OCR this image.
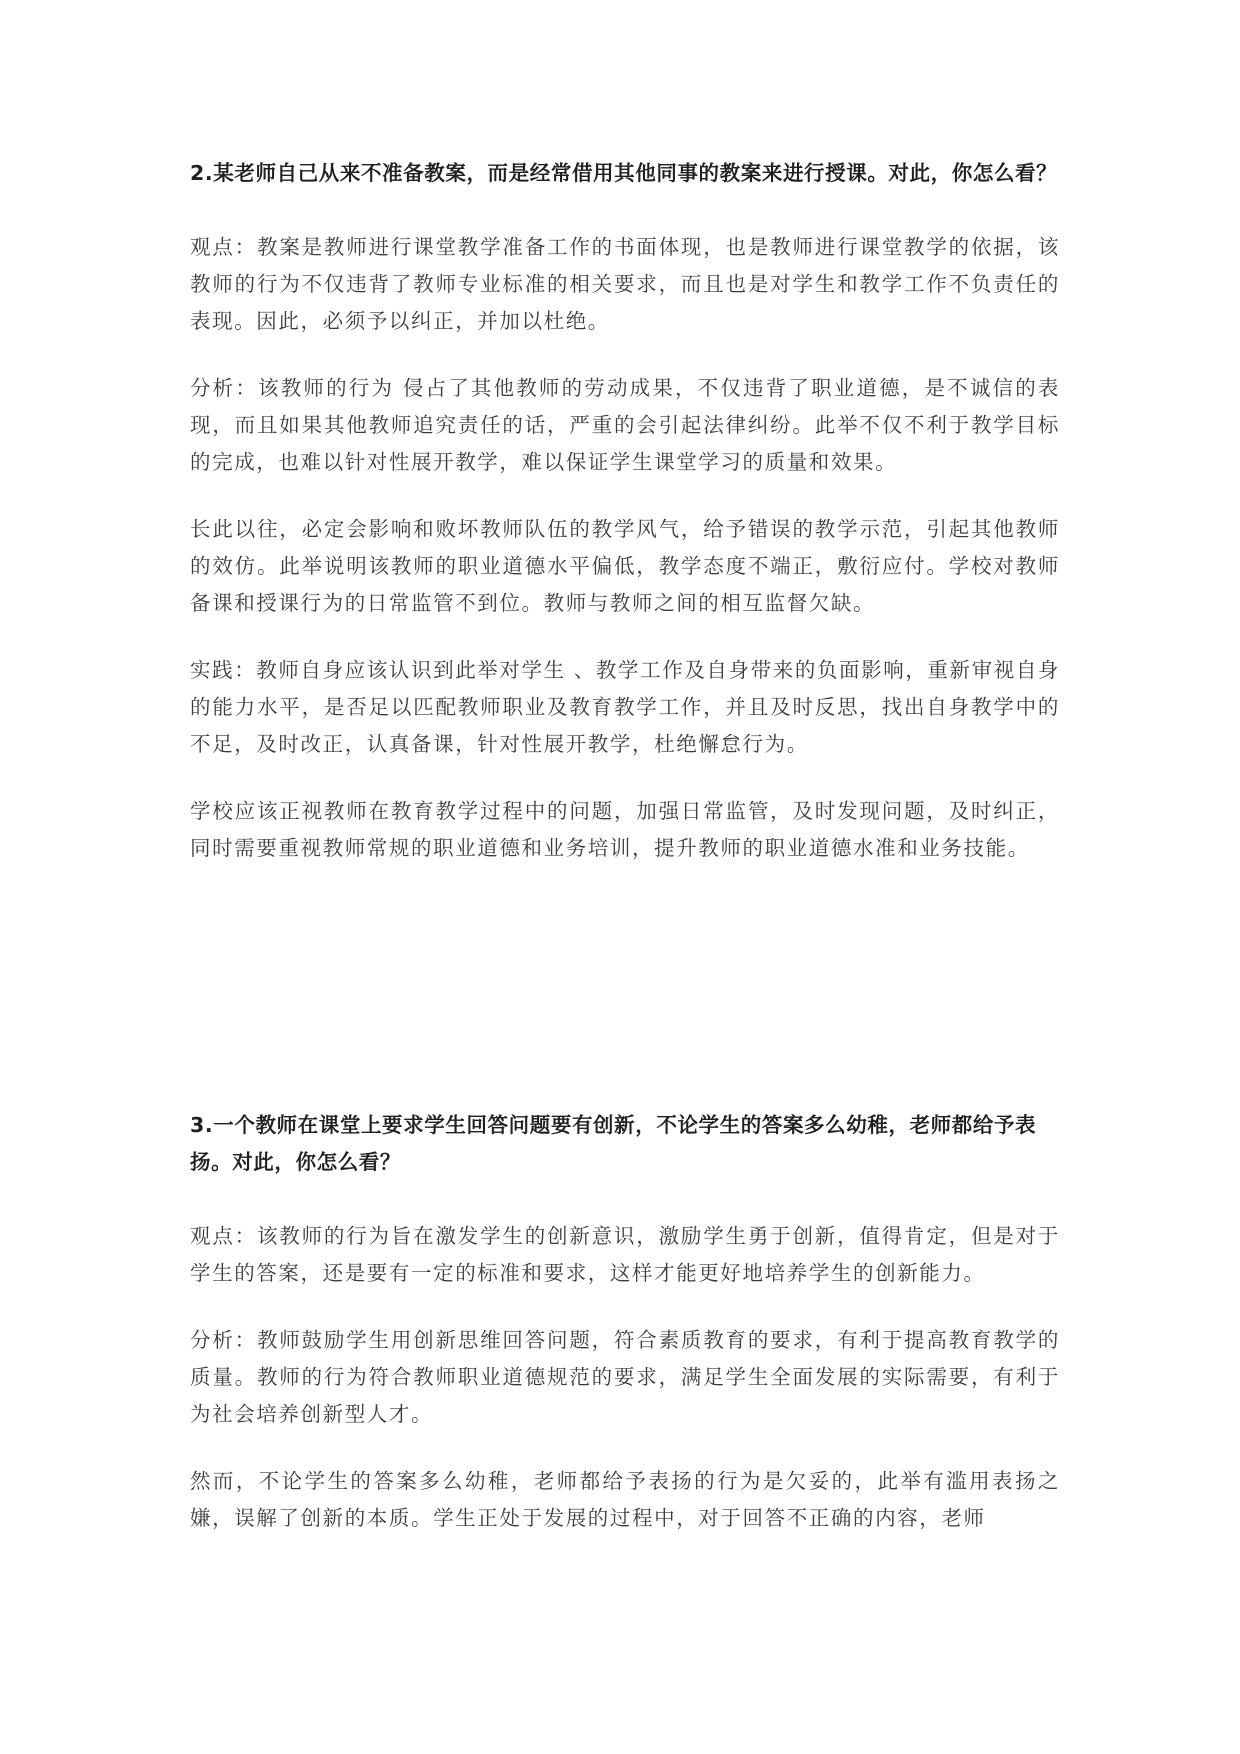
2.某老师自己从来不准备教案，而是经常借用其他同事的教案来进行授课。对此，你怎么看？

观点：教案是教师进行课堂教学准备工作的书面体现，也是教师进行课堂教学的依据，该教师的行为不仅违背了教师专业标准的相关要求，而且也是对学生和教学工作不负责任的表现。因此，必须予以纠正，并加以杜绝。

分析：该教师的行为 侵占了其他教师的劳动成果，不仅违背了职业道德，是不诚信的表现，而且如果其他教师追究责任的话，严重的会引起法律纠纷。此举不仅不利于教学目标的完成，也难以针对性展开教学，难以保证学生课堂学习的质量和效果。

长此以往，必定会影响和败坏教师队伍的教学风气，给予错误的教学示范，引起其他教师的效仿。此举说明该教师的职业道德水平偏低，教学态度不端正，敷衍应付。学校对教师备课和授课行为的日常监管不到位。教师与教师之间的相互监督欠缺。

实践：教师自身应该认识到此举对学生 、教学工作及自身带来的负面影响，重新审视自身的能力水平，是否足以匹配教师职业及教育教学工作，并且及时反思，找出自身教学中的不足，及时改正，认真备课，针对性展开教学，杜绝懈怠行为。

学校应该正视教师在教育教学过程中的问题，加强日常监管，及时发现问题，及时纠正，同时需要重视教师常规的职业道德和业务培训，提升教师的职业道德水准和业务技能。

3.一个教师在课堂上要求学生回答问题要有创新，不论学生的答案多么幼稚，老师都给予表扬。对此，你怎么看？

观点：该教师的行为旨在激发学生的创新意识，激励学生勇于创新，值得肯定，但是对于学生的答案，还是要有一定的标准和要求，这样才能更好地培养学生的创新能力。

分析：教师鼓励学生用创新思维回答问题，符合素质教育的要求，有利于提高教育教学的质量。教师的行为符合教师职业道德规范的要求，满足学生全面发展的实际需要，有利于为社会培养创新型人才。

然而，不论学生的答案多么幼稚，老师都给予表扬的行为是欠妥的，此举有滥用表扬之嫌，误解了创新的本质。学生正处于发展的过程中，对于回答不正确的内容，老师
